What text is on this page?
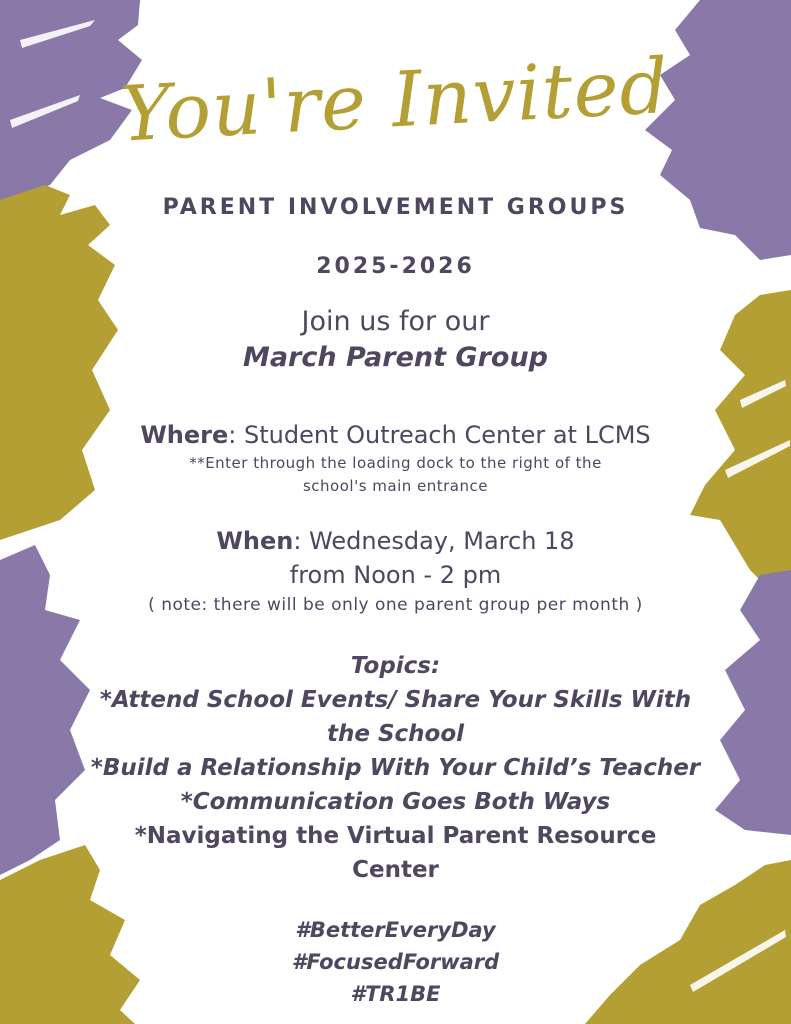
You're Invited
PARENT INVOLVEMENT GROUPS
2025-2026
Join us for our
March Parent Group
Where: Student Outreach Center at LCMS
**Enter through the loading dock to the right of the
school's main entrance
When: Wednesday, March 18
from Noon - 2 pm
( note: there will be only one parent group per month )
Topics:
*Attend School Events/ Share Your Skills With
the School
*Build a Relationship With Your Child’s Teacher
*Communication Goes Both Ways
*Navigating the Virtual Parent Resource
Center
#BetterEveryDay
#FocusedForward
#TR1BE
